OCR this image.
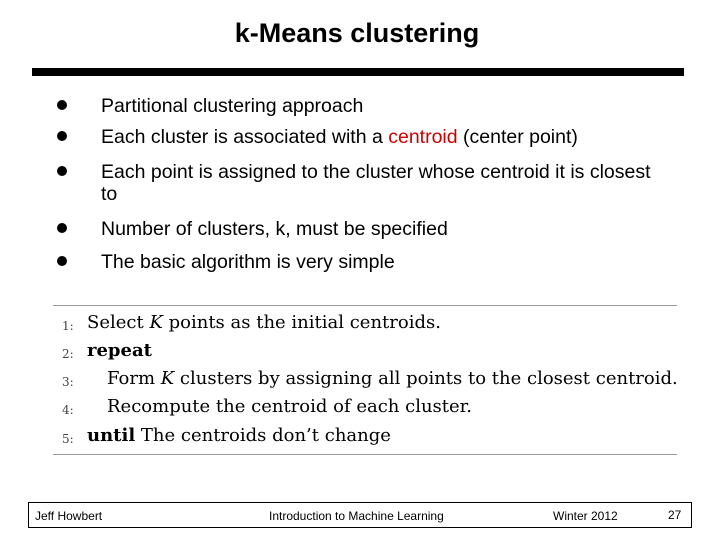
k-Means clustering
Partitional clustering approach
Each cluster is associated with a centroid (center point)
Each point is assigned to the cluster whose centroid it is closest to
Number of clusters, k, must be specified
The basic algorithm is very simple
1: Select K points as the initial centroids.
2: repeat
3: Form K clusters by assigning all points to the closest centroid.
4: Recompute the centroid of each cluster.
5: until The centroids don’t change
Jeff Howbert	Introduction to Machine Learning	Winter 2012	27
